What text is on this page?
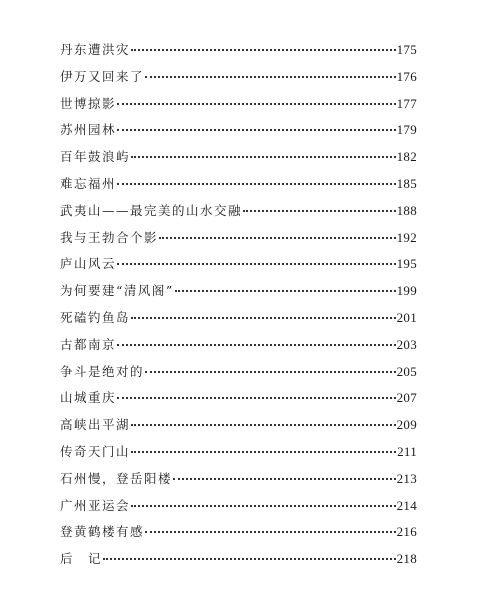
丹东遭洪灾	175
伊万又回来了	176
世博掠影	177
苏州园林	179
百年鼓浪屿	182
难忘福州	185
武夷山——最完美的山水交融	188
我与王勃合个影	192
庐山风云	195
为何要建“清风阁”	199
死磕钓鱼岛	201
古都南京	203
争斗是绝对的	205
山城重庆	207
高峡出平湖	209
传奇天门山	211
石州慢，登岳阳楼	213
广州亚运会	214
登黄鹤楼有感	216
后　记	218
